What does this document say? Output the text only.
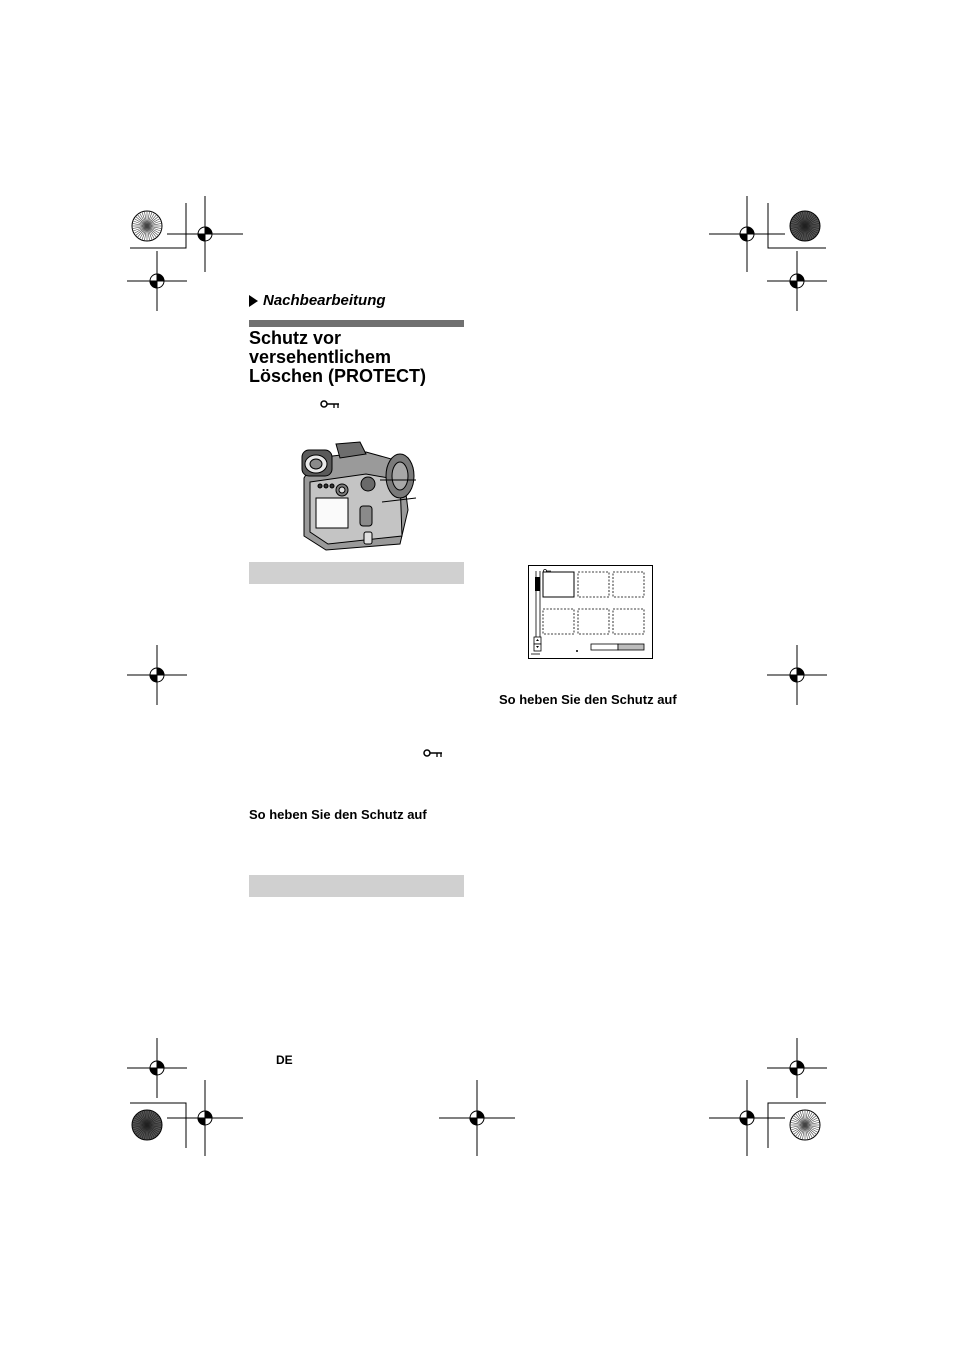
Nachbearbeitung
Schutz vor
versehentlichem
Löschen (PROTECT)
So heben Sie den Schutz auf
So heben Sie den Schutz auf
DE
